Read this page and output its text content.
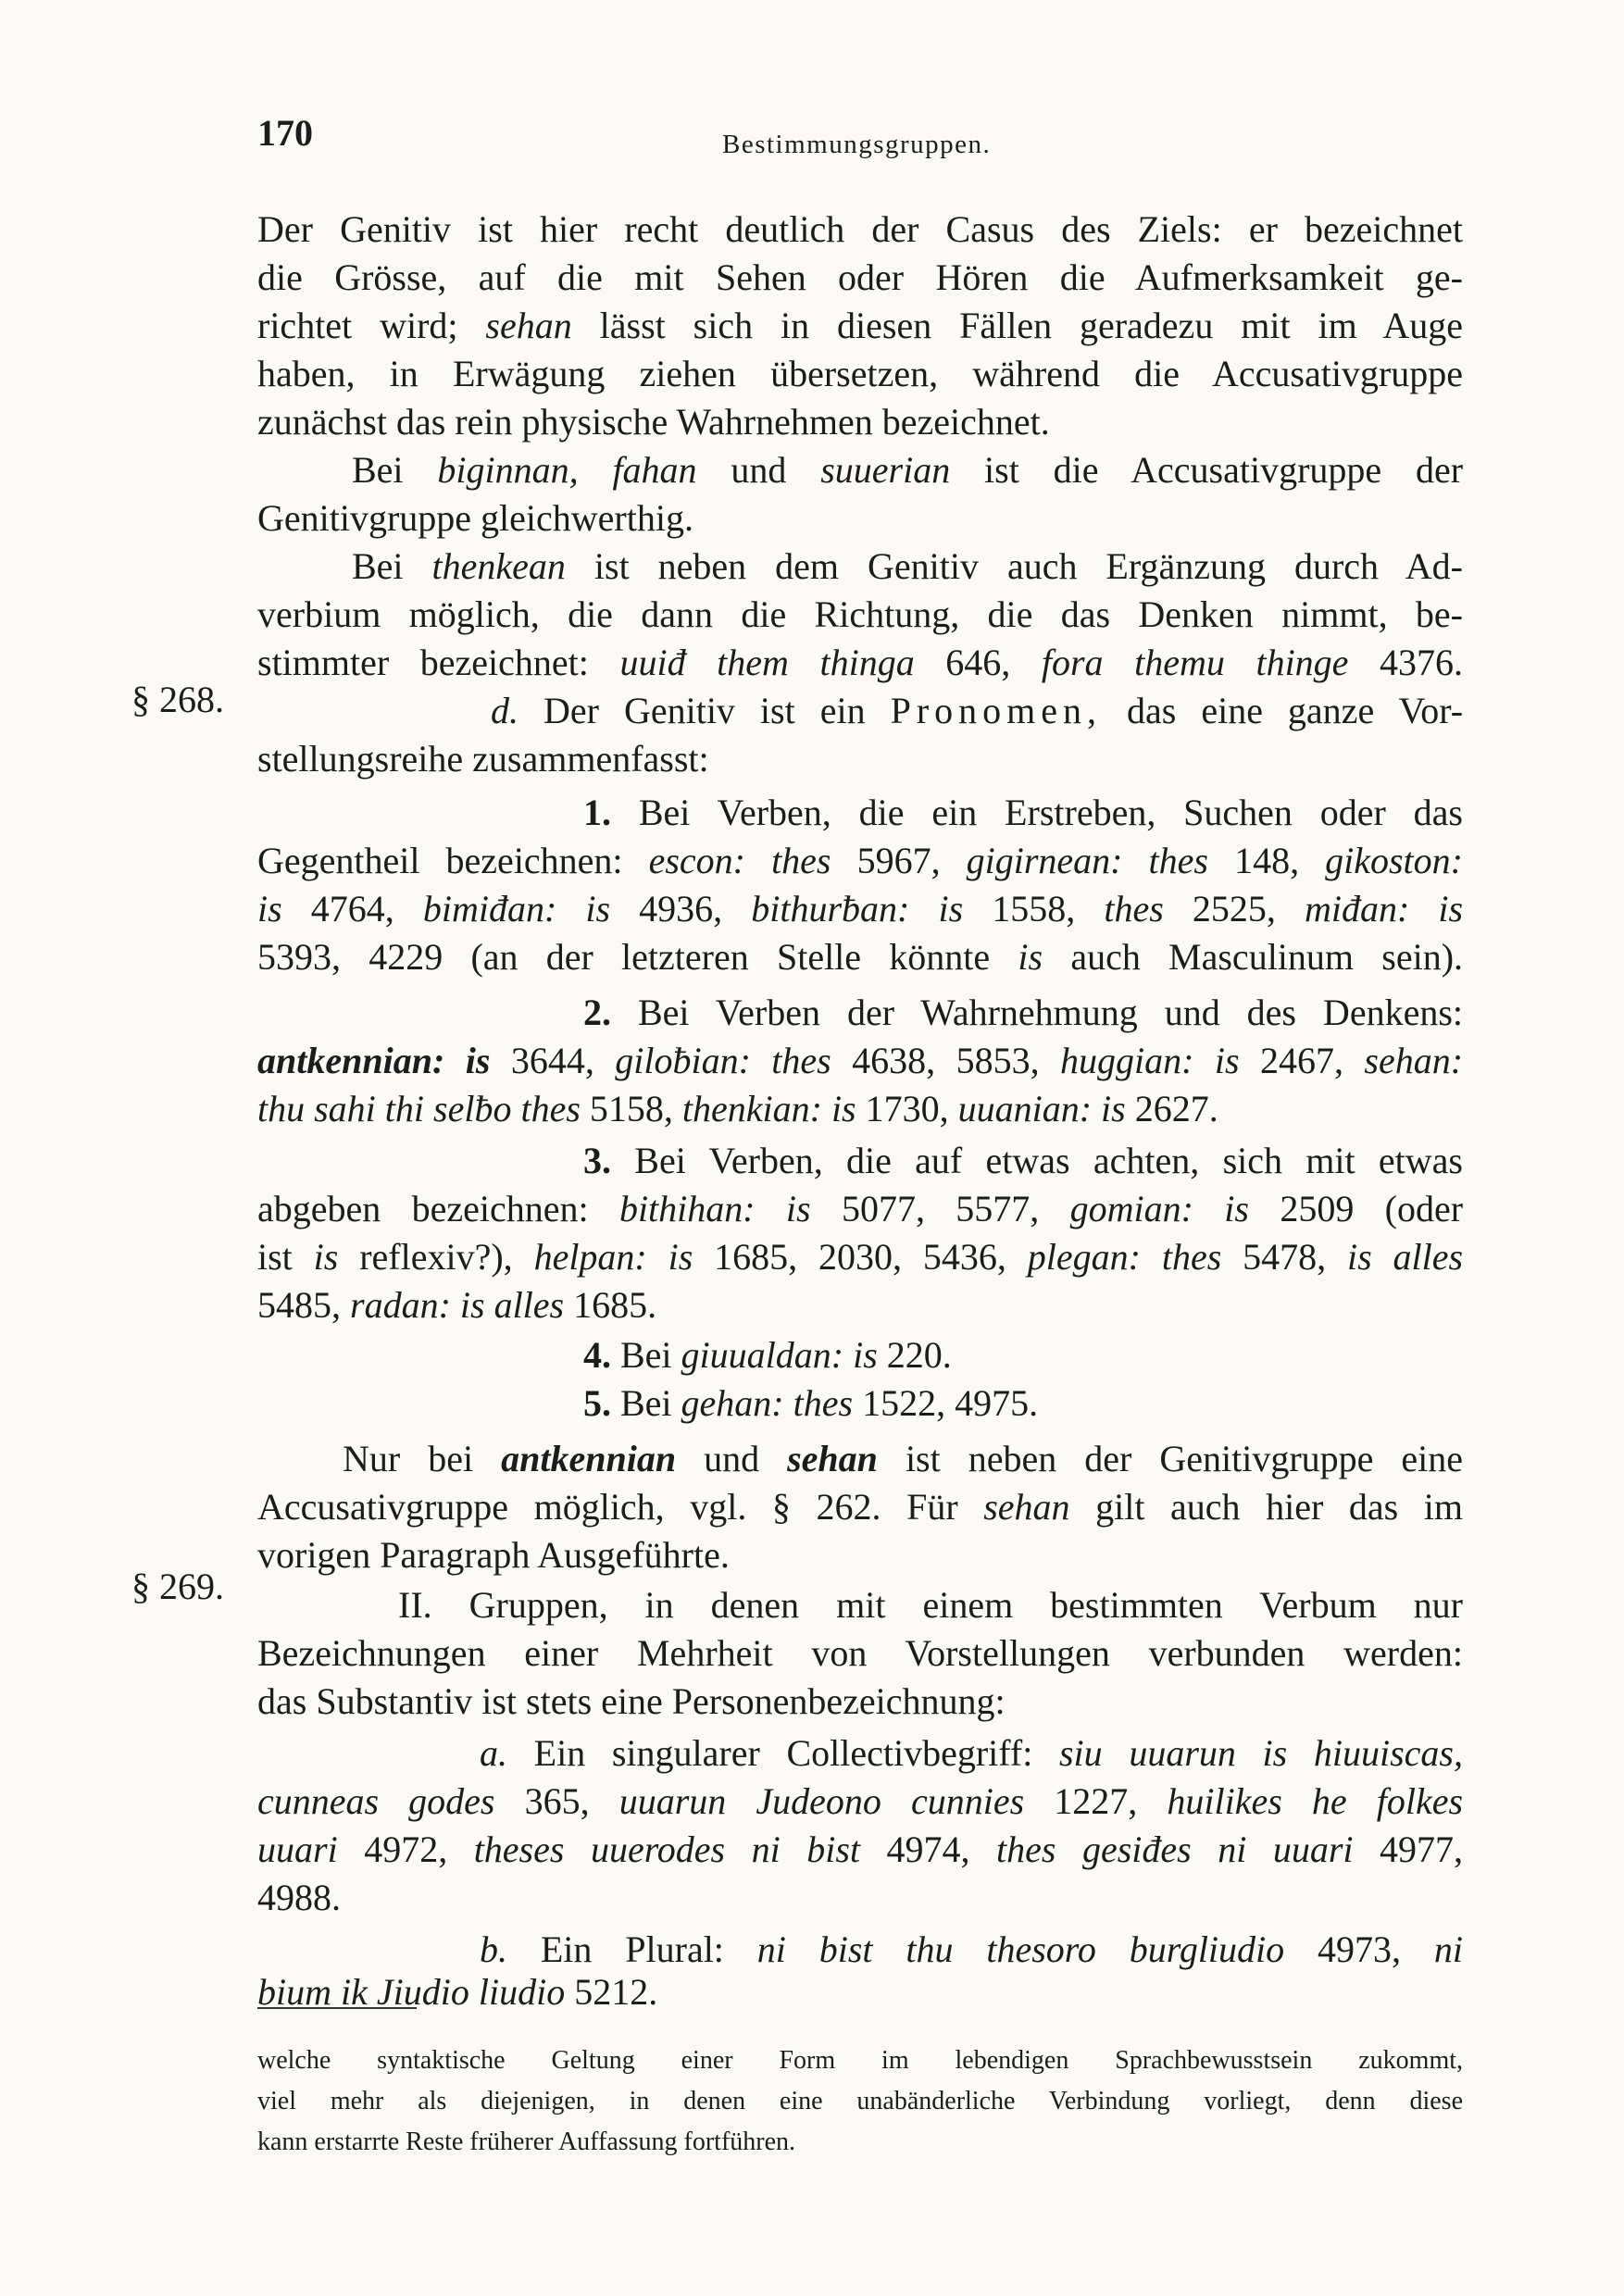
170	Bestimmungsgruppen.
Der Genitiv ist hier recht deutlich der Casus des Ziels: er bezeichnet
die Grösse, auf die mit Sehen oder Hören die Aufmerksamkeit ge-
richtet wird; sehan lässt sich in diesen Fällen geradezu mit im Auge
haben, in Erwägung ziehen übersetzen, während die Accusativgruppe
zunächst das rein physische Wahrnehmen bezeichnet.
Bei biginnan, fahan und suuerian ist die Accusativgruppe der
Genitivgruppe gleichwerthig.
Bei thenkean ist neben dem Genitiv auch Ergänzung durch Ad-
verbium möglich, die dann die Richtung, die das Denken nimmt, be-
stimmter bezeichnet: uuiđ them thinga 646, fora themu thinge 4376.
§ 268.	d. Der Genitiv ist ein Pronomen, das eine ganze Vor-
stellungsreihe zusammenfasst:
1. Bei Verben, die ein Erstreben, Suchen oder das
Gegentheil bezeichnen: escon: thes 5967, gigirnean: thes 148, gikoston:
is 4764, bimiđan: is 4936, bithurƀan: is 1558, thes 2525, miđan: is
5393, 4229 (an der letzteren Stelle könnte is auch Masculinum sein).
2. Bei Verben der Wahrnehmung und des Denkens:
antkennian: is 3644, giloƀian: thes 4638, 5853, huggian: is 2467, sehan:
thu sahi thi selƀo thes 5158, thenkian: is 1730, uuanian: is 2627.
3. Bei Verben, die auf etwas achten, sich mit etwas
abgeben bezeichnen: bithihan: is 5077, 5577, gomian: is 2509 (oder
ist is reflexiv?), helpan: is 1685, 2030, 5436, plegan: thes 5478, is alles
5485, radan: is alles 1685.
4. Bei giuualdan: is 220.
5. Bei gehan: thes 1522, 4975.
Nur bei antkennian und sehan ist neben der Genitivgruppe eine
Accusativgruppe möglich, vgl. § 262. Für sehan gilt auch hier das im
vorigen Paragraph Ausgeführte.
§ 269.	II. Gruppen, in denen mit einem bestimmten Verbum nur
Bezeichnungen einer Mehrheit von Vorstellungen verbunden werden:
das Substantiv ist stets eine Personenbezeichnung:
a. Ein singularer Collectivbegriff: siu uuarun is hiuuiscas,
cunneas godes 365, uuarun Judeono cunnies 1227, huilikes he folkes
uuari 4972, theses uuerodes ni bist 4974, thes gesiđes ni uuari 4977,
4988.
b. Ein Plural: ni bist thu thesoro burgliudio 4973, ni
bium ik Jiudio liudio 5212.
welche syntaktische Geltung einer Form im lebendigen Sprachbewusstsein zukommt,
viel mehr als diejenigen, in denen eine unabänderliche Verbindung vorliegt, denn diese
kann erstarrte Reste früherer Auffassung fortführen.
